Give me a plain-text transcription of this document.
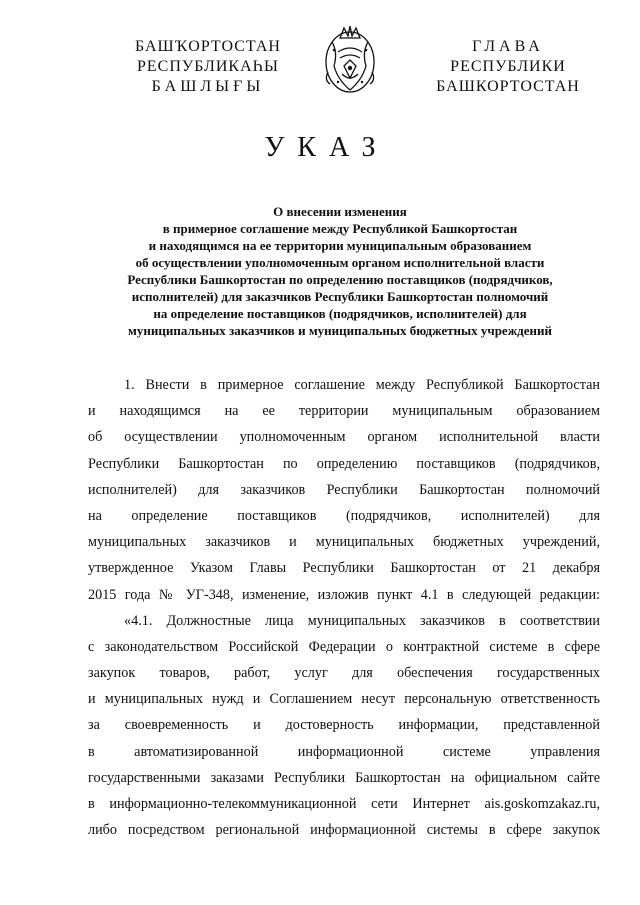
БАШҠОРТОСТАН
РЕСПУБЛИКАҺЫ
БАШЛЫҒЫ
ГЛАВА
РЕСПУБЛИКИ
БАШКОРТОСТАН
УКАЗ
О внесении изменения
в примерное соглашение между Республикой Башкортостан
и находящимся на ее территории муниципальным образованием
об осуществлении уполномоченным органом исполнительной власти
Республики Башкортостан по определению поставщиков (подрядчиков,
исполнителей) для заказчиков Республики Башкортостан полномочий
на определение поставщиков (подрядчиков, исполнителей) для
муниципальных заказчиков и муниципальных бюджетных учреждений
1. Внести в примерное соглашение между Республикой Башкортостан
и находящимся на ее территории муниципальным образованием
об осуществлении уполномоченным органом исполнительной власти
Республики Башкортостан по определению поставщиков (подрядчиков,
исполнителей) для заказчиков Республики Башкортостан полномочий
на определение поставщиков (подрядчиков, исполнителей) для
муниципальных заказчиков и муниципальных бюджетных учреждений,
утвержденное Указом Главы Республики Башкортостан от 21 декабря
2015 года № УГ-348, изменение, изложив пункт 4.1 в следующей редакции:
«4.1. Должностные лица муниципальных заказчиков в соответствии
с законодательством Российской Федерации о контрактной системе в сфере
закупок товаров, работ, услуг для обеспечения государственных
и муниципальных нужд и Соглашением несут персональную ответственность
за своевременность и достоверность информации, представленной
в автоматизированной информационной системе управления
государственными заказами Республики Башкортостан на официальном сайте
в информационно-телекоммуникационной сети Интернет ais.goskomzakaz.ru,
либо посредством региональной информационной системы в сфере закупок
